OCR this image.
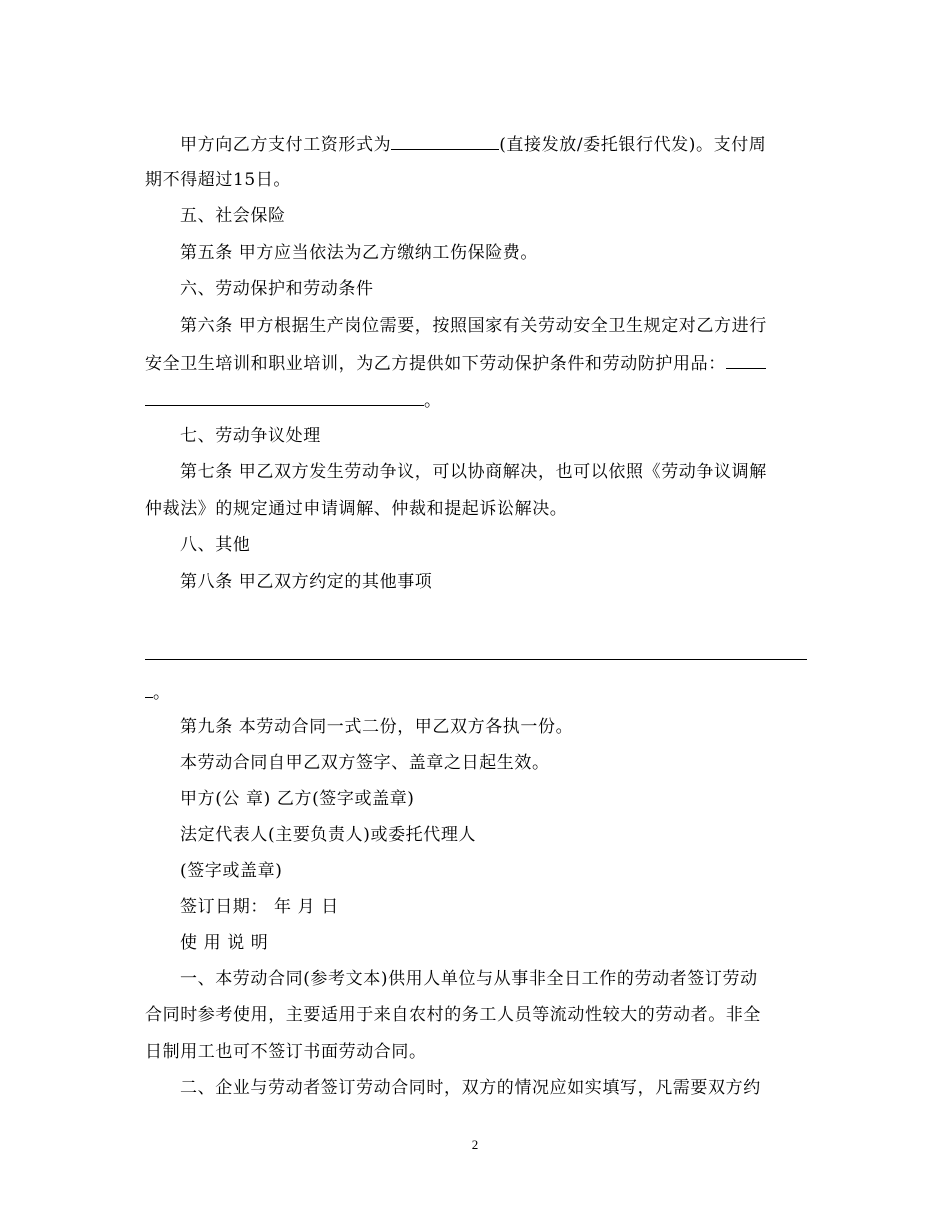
甲方向乙方支付工资形式为	(直接发放/委托银行代发)。支付周
期不得超过15日。
五、社会保险
第五条 甲方应当依法为乙方缴纳工伤保险费。
六、劳动保护和劳动条件
第六条 甲方根据生产岗位需要，按照国家有关劳动安全卫生规定对乙方进行
安全卫生培训和职业培训，为乙方提供如下劳动保护条件和劳动防护用品：
。
七、劳动争议处理
第七条 甲乙双方发生劳动争议，可以协商解决，也可以依照《劳动争议调解
仲裁法》的规定通过申请调解、仲裁和提起诉讼解决。
八、其他
第八条 甲乙双方约定的其他事项
。
第九条 本劳动合同一式二份，甲乙双方各执一份。
本劳动合同自甲乙双方签字、盖章之日起生效。
甲方(公 章) 乙方(签字或盖章)
法定代表人(主要负责人)或委托代理人
(签字或盖章)
签订日期： 年 月 日
使 用 说 明
一、本劳动合同(参考文本)供用人单位与从事非全日工作的劳动者签订劳动
合同时参考使用，主要适用于来自农村的务工人员等流动性较大的劳动者。非全
日制用工也可不签订书面劳动合同。
二、企业与劳动者签订劳动合同时，双方的情况应如实填写，凡需要双方约
2
